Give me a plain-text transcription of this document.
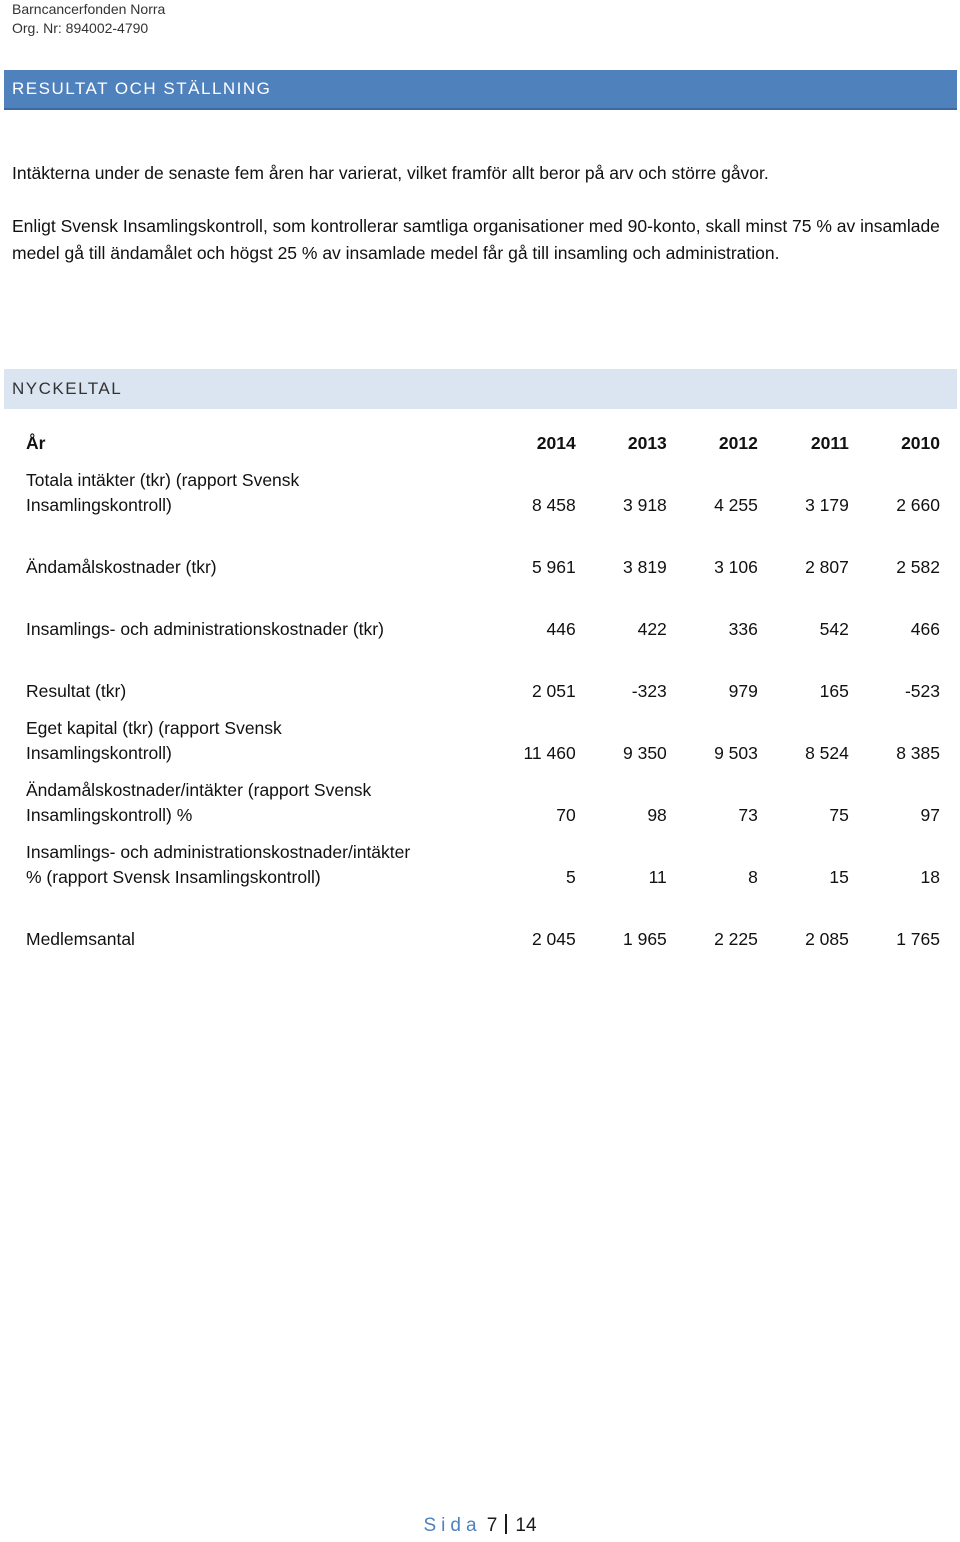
Barncancerfonden Norra
Org. Nr: 894002-4790
RESULTAT OCH STÄLLNING
Intäkterna under de senaste fem åren har varierat, vilket framför allt beror på arv och större gåvor.
Enligt Svensk Insamlingskontroll, som kontrollerar samtliga organisationer med 90-konto, skall minst 75 % av insamlade medel gå till ändamålet och högst 25 % av insamlade medel får gå till insamling och administration.
NYCKELTAL
År	2014	2013	2012	2011	2010

Totala intäkter (tkr) (rapport Svensk
Insamlingskontroll)	8 458	3 918	4 255	3 179	2 660

Ändamålskostnader (tkr)	5 961	3 819	3 106	2 807	2 582

Insamlings- och administrationskostnader (tkr)	446	422	336	542	466

Resultat (tkr)	2 051	-323	979	165	-523

Eget kapital (tkr) (rapport Svensk
Insamlingskontroll)	11 460	9 350	9 503	8 524	8 385

Ändamålskostnader/intäkter (rapport Svensk
Insamlingskontroll) %	70	98	73	75	97

Insamlings- och administrationskostnader/intäkter
% (rapport Svensk Insamlingskontroll)	5	11	8	15	18

Medlemsantal	2 045	1 965	2 225	2 085	1 765
Sida 7 14
